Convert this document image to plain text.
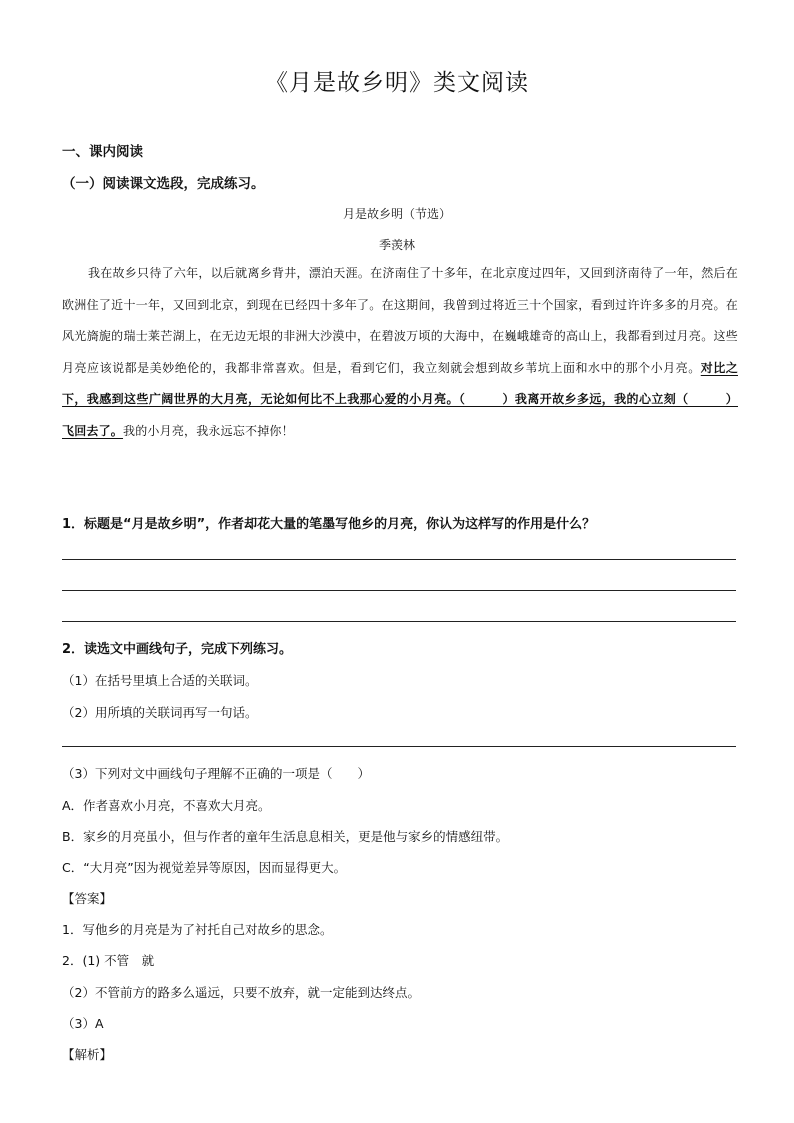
《月是故乡明》类文阅读
一、课内阅读
（一）阅读课文选段，完成练习。
月是故乡明（节选）
季羡林
我在故乡只待了六年，以后就离乡背井，漂泊天涯。在济南住了十多年，在北京度过四年，又回到济南待了一年，然后在欧洲住了近十一年，又回到北京，到现在已经四十多年了。在这期间，我曾到过将近三十个国家，看到过许许多多的月亮。在风光旖旎的瑞士莱芒湖上，在无边无垠的非洲大沙漠中，在碧波万顷的大海中，在巍峨雄奇的高山上，我都看到过月亮。这些月亮应该说都是美妙绝伦的，我都非常喜欢。但是，看到它们，我立刻就会想到故乡苇坑上面和水中的那个小月亮。对比之下，我感到这些广阔世界的大月亮，无论如何比不上我那心爱的小月亮。（　　　）我离开故乡多远，我的心立刻（　　　）飞回去了。我的小月亮，我永远忘不掉你！
1．标题是“月是故乡明”，作者却花大量的笔墨写他乡的月亮，你认为这样写的作用是什么？
2．读选文中画线句子，完成下列练习。
（1）在括号里填上合适的关联词。
（2）用所填的关联词再写一句话。
（3）下列对文中画线句子理解不正确的一项是（　　）
A．作者喜欢小月亮，不喜欢大月亮。
B．家乡的月亮虽小，但与作者的童年生活息息相关，更是他与家乡的情感纽带。
C．“大月亮”因为视觉差异等原因，因而显得更大。
【答案】
1．写他乡的月亮是为了衬托自己对故乡的思念。
2．(1) 不管　就
（2）不管前方的路多么遥远，只要不放弃，就一定能到达终点。
（3）A
【解析】
